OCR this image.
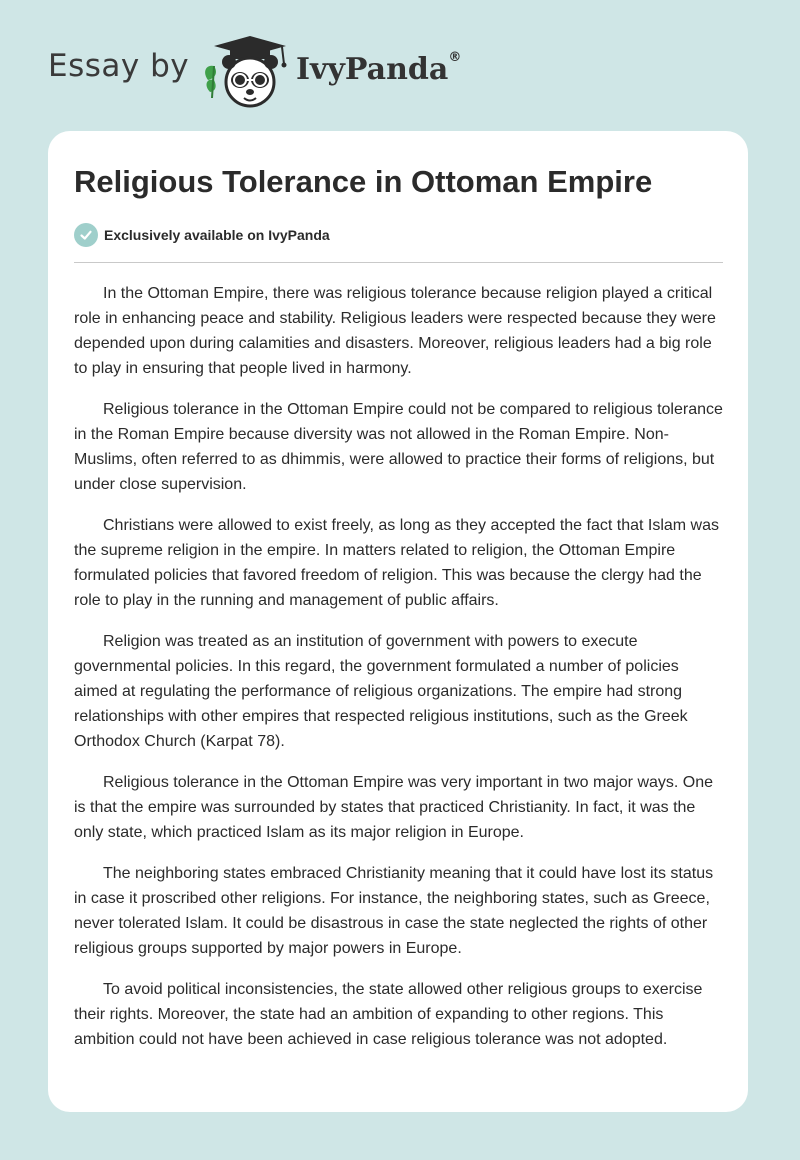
Essay by	IvyPanda®
Religious Tolerance in Ottoman Empire
Exclusively available on IvyPanda

In the Ottoman Empire, there was religious tolerance because religion played a critical role in enhancing peace and stability. Religious leaders were respected because they were depended upon during calamities and disasters. Moreover, religious leaders had a big role to play in ensuring that people lived in harmony.

Religious tolerance in the Ottoman Empire could not be compared to religious tolerance in the Roman Empire because diversity was not allowed in the Roman Empire. Non-Muslims, often referred to as dhimmis, were allowed to practice their forms of religions, but under close supervision.

Christians were allowed to exist freely, as long as they accepted the fact that Islam was the supreme religion in the empire. In matters related to religion, the Ottoman Empire formulated policies that favored freedom of religion. This was because the clergy had the role to play in the running and management of public affairs.

Religion was treated as an institution of government with powers to execute governmental policies. In this regard, the government formulated a number of policies aimed at regulating the performance of religious organizations. The empire had strong relationships with other empires that respected religious institutions, such as the Greek Orthodox Church (Karpat 78).

Religious tolerance in the Ottoman Empire was very important in two major ways. One is that the empire was surrounded by states that practiced Christianity. In fact, it was the only state, which practiced Islam as its major religion in Europe.

The neighboring states embraced Christianity meaning that it could have lost its status in case it proscribed other religions. For instance, the neighboring states, such as Greece, never tolerated Islam. It could be disastrous in case the state neglected the rights of other religious groups supported by major powers in Europe.

To avoid political inconsistencies, the state allowed other religious groups to exercise their rights. Moreover, the state had an ambition of expanding to other regions. This ambition could not have been achieved in case religious tolerance was not adopted.
